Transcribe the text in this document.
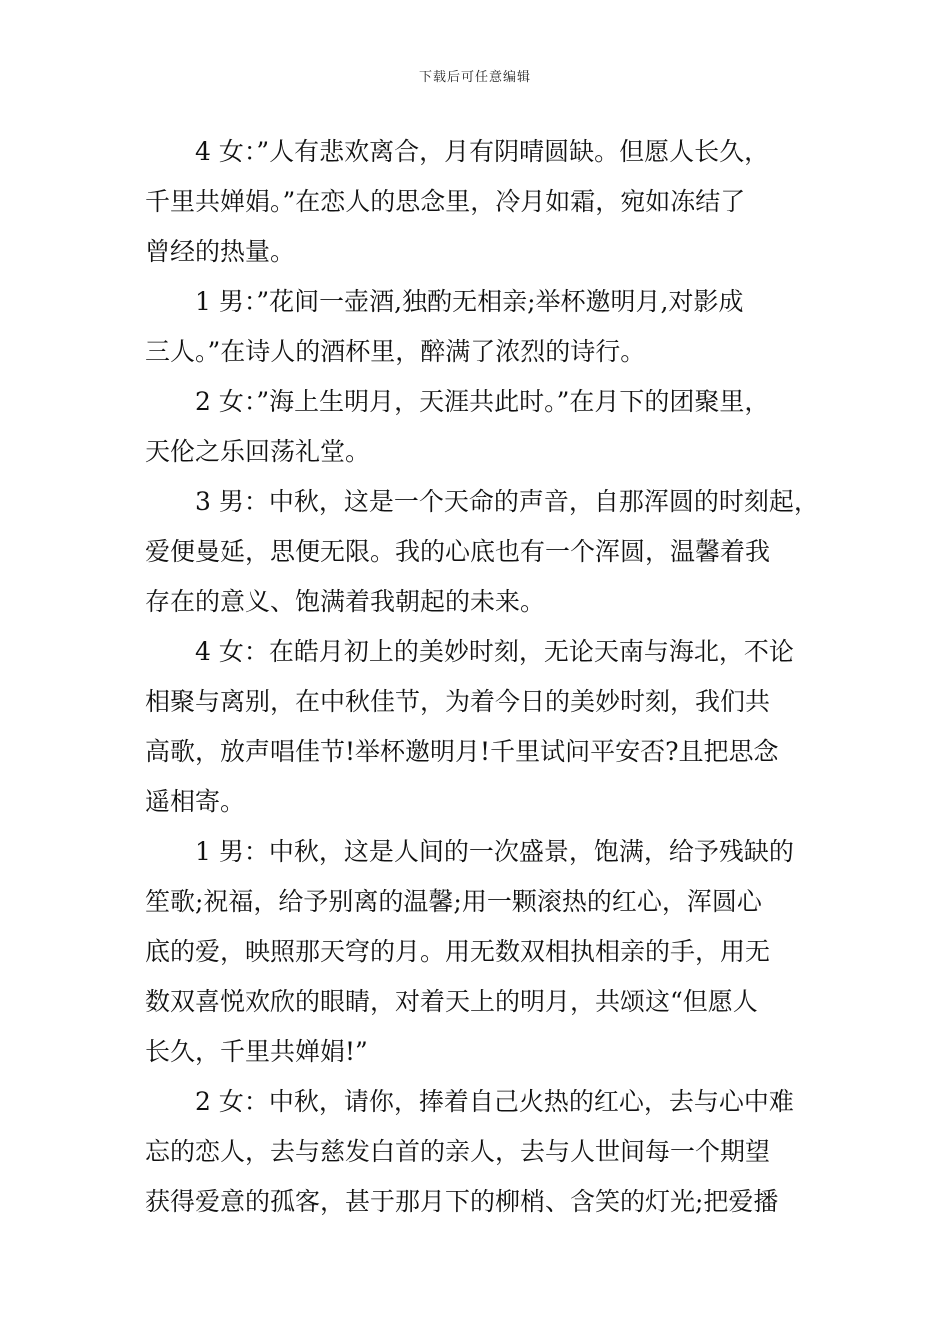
下载后可任意编辑
4 女：”人有悲欢离合，月有阴晴圆缺。但愿人长久，
千里共婵娟。”在恋人的思念里，冷月如霜，宛如冻结了
曾经的热量。
1 男：”花间一壶酒,独酌无相亲;举杯邀明月,对影成
三人。”在诗人的酒杯里，醉满了浓烈的诗行。
2 女：”海上生明月，天涯共此时。”在月下的团聚里，
天伦之乐回荡礼堂。
3 男：中秋，这是一个天命的声音，自那浑圆的时刻起，
爱便曼延，思便无限。我的心底也有一个浑圆，温馨着我
存在的意义、饱满着我朝起的未来。
4 女：在皓月初上的美妙时刻，无论天南与海北，不论
相聚与离别，在中秋佳节，为着今日的美妙时刻，我们共
高歌，放声唱佳节!举杯邀明月!千里试问平安否?且把思念
遥相寄。
1 男：中秋，这是人间的一次盛景，饱满，给予残缺的
笙歌;祝福，给予别离的温馨;用一颗滚热的红心，浑圆心
底的爱，映照那天穹的月。用无数双相执相亲的手，用无
数双喜悦欢欣的眼睛，对着天上的明月，共颂这“但愿人
长久，千里共婵娟!”
2 女：中秋，请你，捧着自己火热的红心，去与心中难
忘的恋人，去与慈发白首的亲人，去与人世间每一个期望
获得爱意的孤客，甚于那月下的柳梢、含笑的灯光;把爱播
